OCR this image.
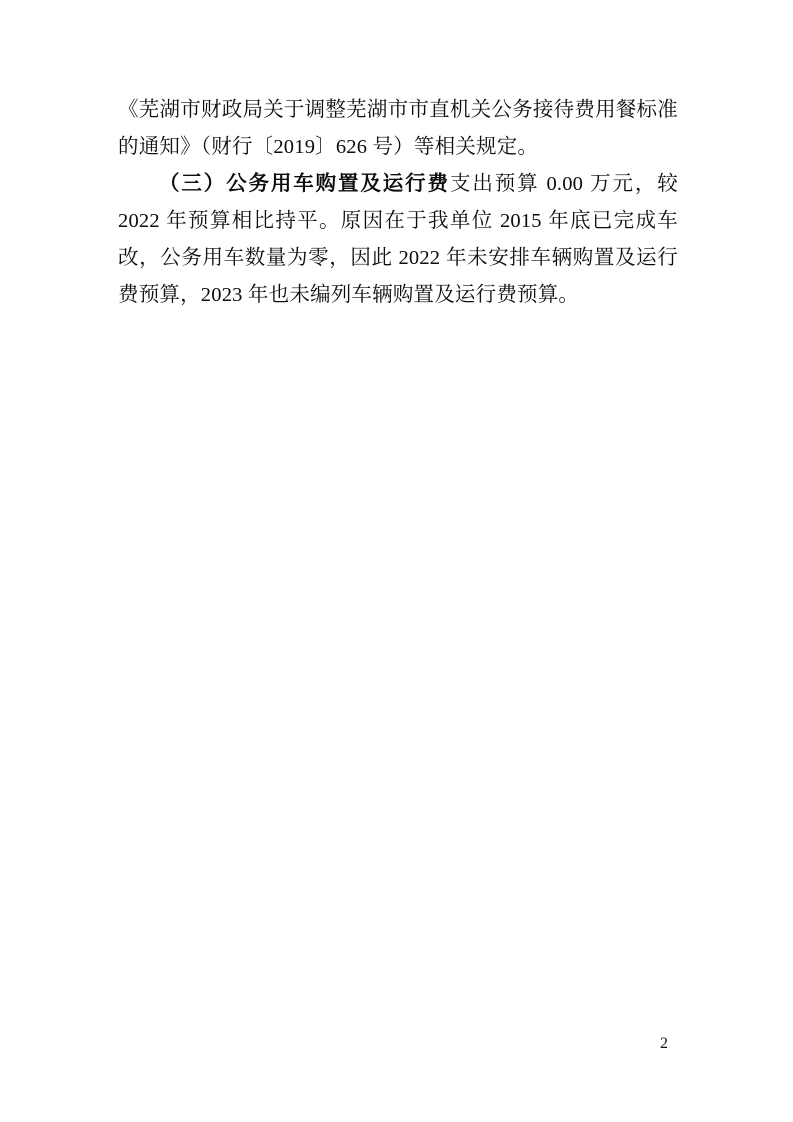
《芜湖市财政局关于调整芜湖市市直机关公务接待费用餐标准的通知》（财行〔2019〕626 号）等相关规定。

（三）公务用车购置及运行费支出预算 0.00 万元，较 2022 年预算相比持平。原因在于我单位 2015 年底已完成车改，公务用车数量为零，因此 2022 年未安排车辆购置及运行费预算，2023 年也未编列车辆购置及运行费预算。

2
